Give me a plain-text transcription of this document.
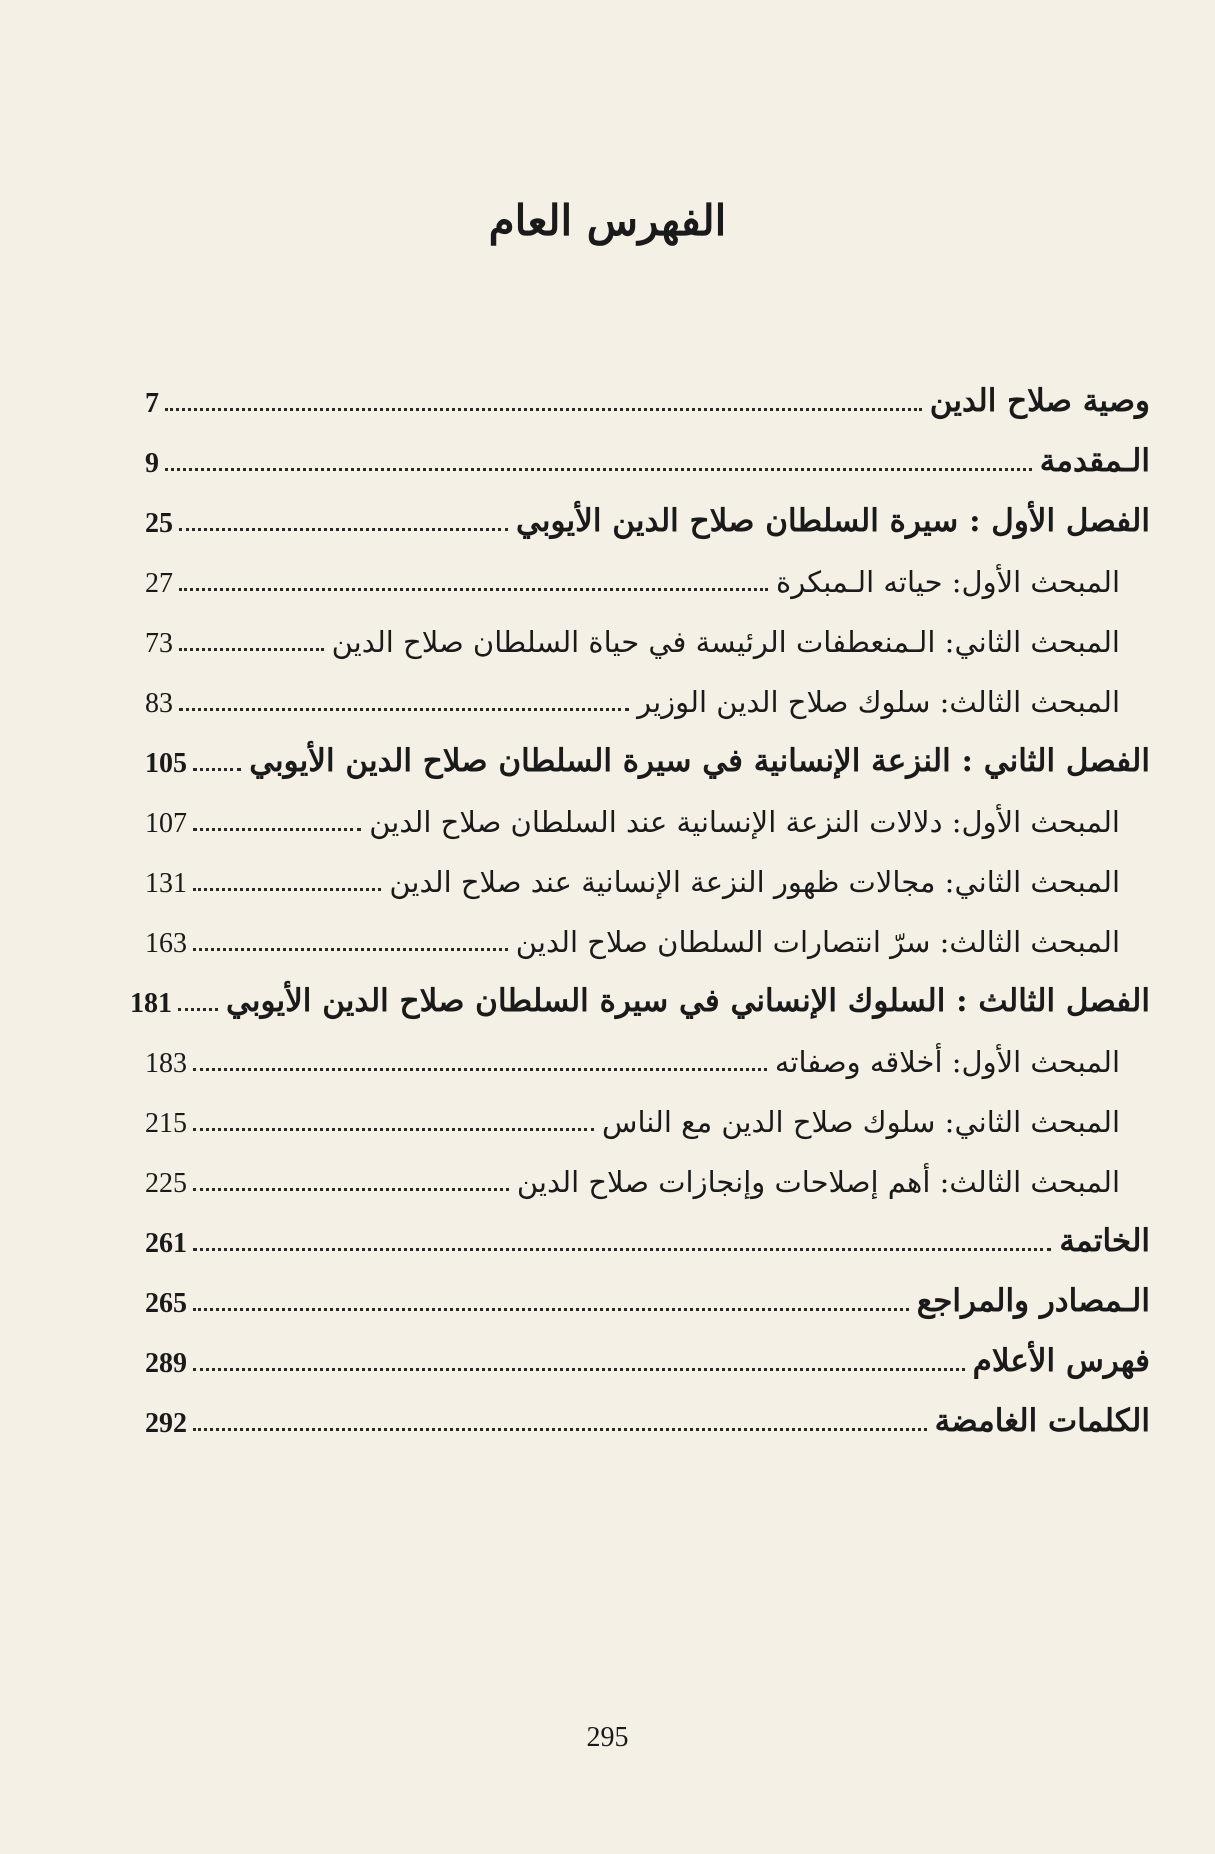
الفهرس العام
وصية صلاح الدين
7
الـمقدمة
9
الفصل الأول : سيرة السلطان صلاح الدين الأيوبي
25
المبحث الأول: حياته الـمبكرة
27
المبحث الثاني: الـمنعطفات الرئيسة في حياة السلطان صلاح الدين
73
المبحث الثالث: سلوك صلاح الدين الوزير
83
الفصل الثاني : النزعة الإنسانية في سيرة السلطان صلاح الدين الأيوبي
105
المبحث الأول: دلالات النزعة الإنسانية عند السلطان صلاح الدين
107
المبحث الثاني: مجالات ظهور النزعة الإنسانية عند صلاح الدين
131
المبحث الثالث: سرّ انتصارات السلطان صلاح الدين
163
الفصل الثالث : السلوك الإنساني في سيرة السلطان صلاح الدين الأيوبي
181
المبحث الأول: أخلاقه وصفاته
183
المبحث الثاني: سلوك صلاح الدين مع الناس
215
المبحث الثالث: أهم إصلاحات وإنجازات صلاح الدين
225
الخاتمة
261
الـمصادر والمراجع
265
فهرس الأعلام
289
الكلمات الغامضة
292
295
